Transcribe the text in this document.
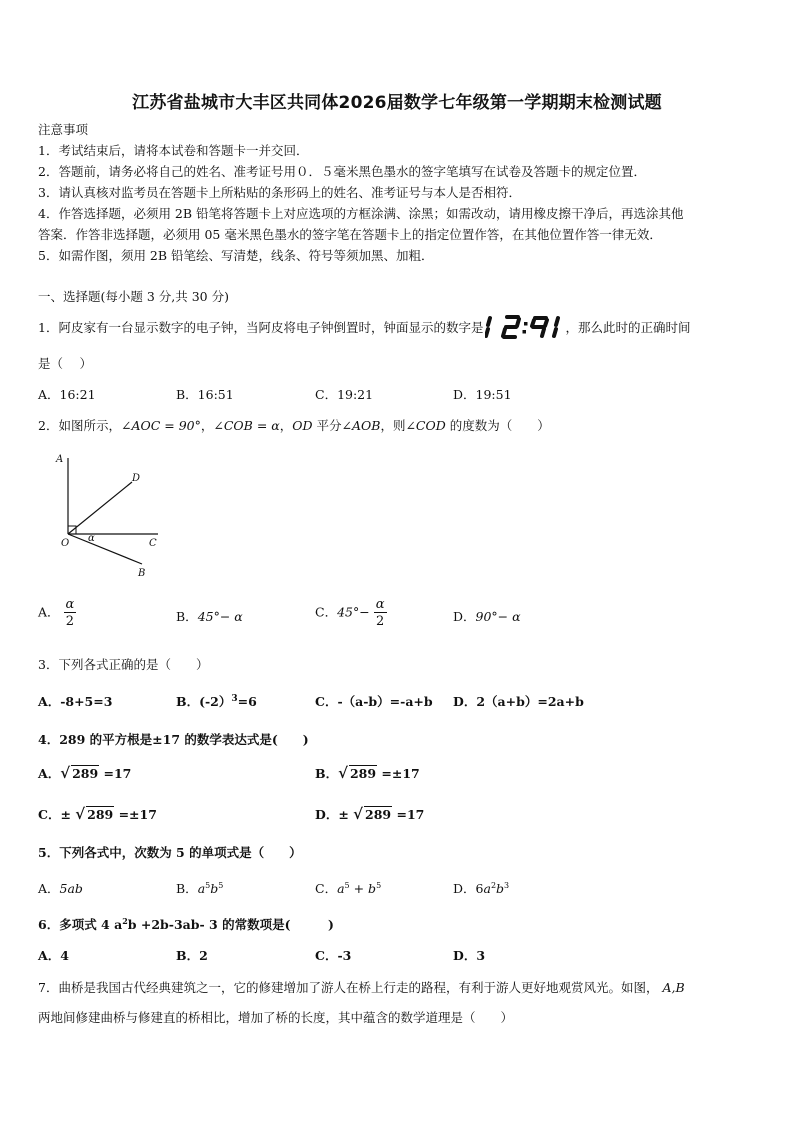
江苏省盐城市大丰区共同体2026届数学七年级第一学期期末检测试题
注意事项
1．考试结束后，请将本试卷和答题卡一并交回．
2．答题前，请务必将自己的姓名、准考证号用０．５毫米黑色墨水的签字笔填写在试卷及答题卡的规定位置．
3．请认真核对监考员在答题卡上所粘贴的条形码上的姓名、准考证号与本人是否相符．
4．作答选择题，必须用 2B 铅笔将答题卡上对应选项的方框涂满、涂黑；如需改动，请用橡皮擦干净后，再选涂其他
答案．作答非选择题，必须用 05 毫米黑色墨水的签字笔在答题卡上的指定位置作答，在其他位置作答一律无效．
5．如需作图，须用 2B 铅笔绘、写清楚，线条、符号等须加黑、加粗．
一、选择题(每小题 3 分,共 30 分)
1．阿皮家有一台显示数字的电子钟，当阿皮将电子钟倒置时，钟面显示的数字是	，那么此时的正确时间
是（　 ）
A．16:21	B．16:51	C．19:21	D．19:51
2．如图所示，∠AOC = 90°，∠COB = α，OD 平分∠AOB，则∠COD 的度数为（　　）
A
D
O α	C
B
A． $\frac{\alpha}{2}$	B．45°− α	C．$45^\circ- \frac{\alpha}{2}$	D．90°− α
3．下列各式正确的是（　　）
A．-8+5=3	B．(-2）$^3$=6	C．-（a-b）=-a+b D．2（a+b）=2a+b
4．289 的平方根是±17 的数学表达式是(　　)
A．√ 289 =17	B．√ 289 =±17
C．± √ 289 =±17	D．± √ 289 =17
5．下列各式中，次数为 5 的单项式是（　　）
A．5ab	B．$a^5b^5$	C．$a^5 + b^5$	D．$6a^2b^3$
6．多项式 4 $a^2b +2b-3ab-$ 3 的常数项是(　　　)
A．4	B．2	C．-3	D．3
7．曲桥是我国古代经典建筑之一，它的修建增加了游人在桥上行走的路程，有利于游人更好地观赏风光。如图， A,B
两地间修建曲桥与修建直的桥相比，增加了桥的长度，其中蕴含的数学道理是（　　）
